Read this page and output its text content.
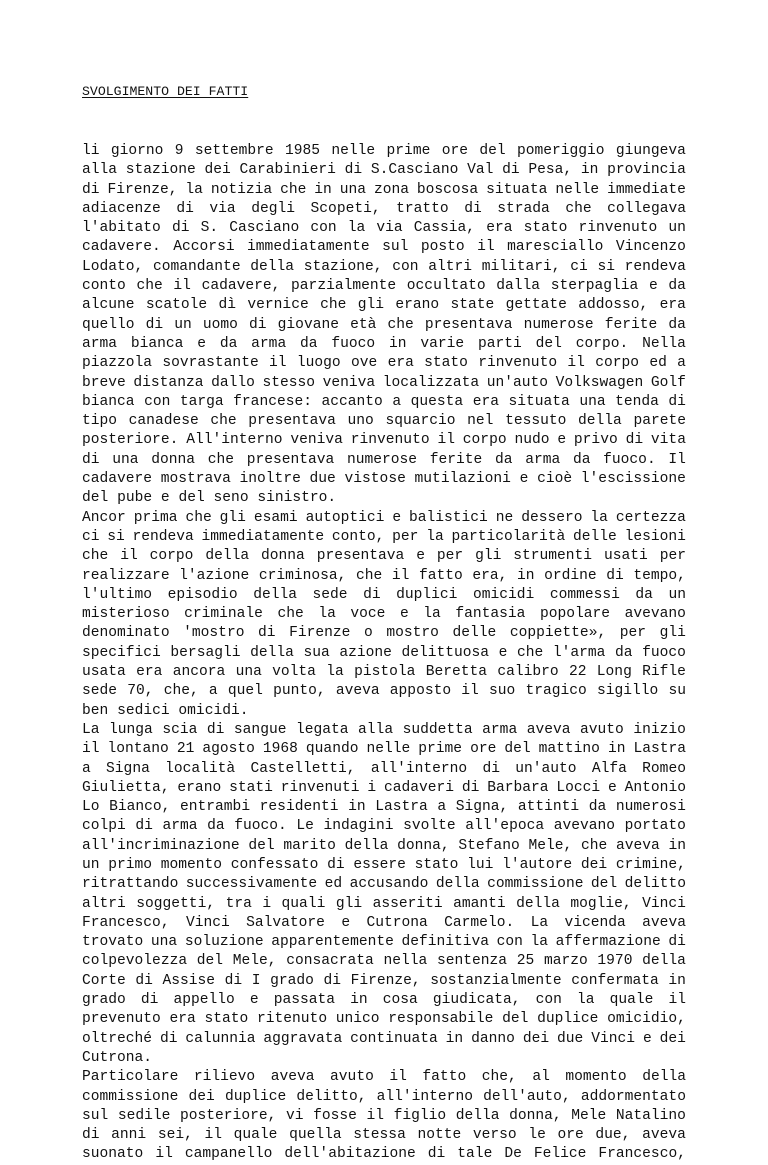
SVOLGIMENTO DEI FATTI
li giorno 9 settembre 1985 nelle prime ore del pomeriggio giungeva
alla stazione dei Carabinieri di S.Casciano Val di Pesa, in provincia
di Firenze, la notizia che in una zona boscosa situata nelle immediate
adiacenze di via degli Scopeti, tratto di strada che collegava
l'abitato di S. Casciano con la via Cassia, era stato rinvenuto un
cadavere. Accorsi immediatamente sul posto il maresciallo Vincenzo
Lodato, comandante della stazione, con altri militari, ci si rendeva
conto che il cadavere, parzialmente occultato dalla sterpaglia e da
alcune scatole dì vernice che gli erano state gettate addosso, era
quello di un uomo di giovane età che presentava numerose ferite da
arma bianca e da arma da fuoco in varie parti del corpo. Nella
piazzola sovrastante il luogo ove era stato rinvenuto il corpo ed a
breve distanza dallo stesso veniva localizzata un'auto Volkswagen Golf
bianca con targa francese: accanto a questa era situata una tenda di
tipo canadese che presentava uno squarcio nel tessuto della parete
posteriore. All'interno veniva rinvenuto il corpo nudo e privo di vita
di una donna che presentava numerose ferite da arma da fuoco. Il
cadavere mostrava inoltre due vistose mutilazioni e cioè l'escissione
del pube e del seno sinistro.
Ancor prima che gli esami autoptici e balistici ne dessero la certezza
ci si rendeva immediatamente conto, per la particolarità delle lesioni
che il corpo della donna presentava e per gli strumenti usati per
realizzare l'azione criminosa, che il fatto era, in ordine di tempo,
l'ultimo episodio della sede di duplici omicidi commessi da un
misterioso criminale che la voce e la fantasia popolare avevano
denominato 'mostro di Firenze o mostro delle coppiette», per gli
specifici bersagli della sua azione delittuosa e che l'arma da fuoco
usata era ancora una volta la pistola Beretta calibro 22 Long Rifle
sede 70, che, a quel punto, aveva apposto il suo tragico sigillo su
ben sedici omicidi.
La lunga scia di sangue legata alla suddetta arma aveva avuto inizio
il lontano 21 agosto 1968 quando nelle prime ore del mattino in Lastra
a Signa località Castelletti, all'interno di un'auto Alfa Romeo
Giulietta, erano stati rinvenuti i cadaveri di Barbara Locci e Antonio
Lo Bianco, entrambi residenti in Lastra a Signa, attinti da numerosi
colpi di arma da fuoco. Le indagini svolte all'epoca avevano portato
all'incriminazione del marito della donna, Stefano Mele, che aveva in
un primo momento confessato di essere stato lui l'autore dei crimine,
ritrattando successivamente ed accusando della commissione del delitto
altri soggetti, tra i quali gli asseriti amanti della moglie, Vinci
Francesco, Vinci Salvatore e Cutrona Carmelo. La vicenda aveva
trovato una soluzione apparentemente definitiva con la affermazione di
colpevolezza del Mele, consacrata nella sentenza 25 marzo 1970 della
Corte di Assise di I grado di Firenze, sostanzialmente confermata in
grado di appello e passata in cosa giudicata, con la quale il
prevenuto era stato ritenuto unico responsabile del duplice omicidio,
oltreché di calunnia aggravata continuata in danno dei due Vinci e dei
Cutrona.
Particolare rilievo aveva avuto il fatto che, al momento della
commissione dei duplice delitto, all'interno dell'auto, addormentato
sul sedile posteriore, vi fosse il figlio della donna, Mele Natalino
di anni sei, il quale quella stessa notte verso le ore due, aveva
suonato il campanello dell'abitazione di tale De Felice Francesco,
